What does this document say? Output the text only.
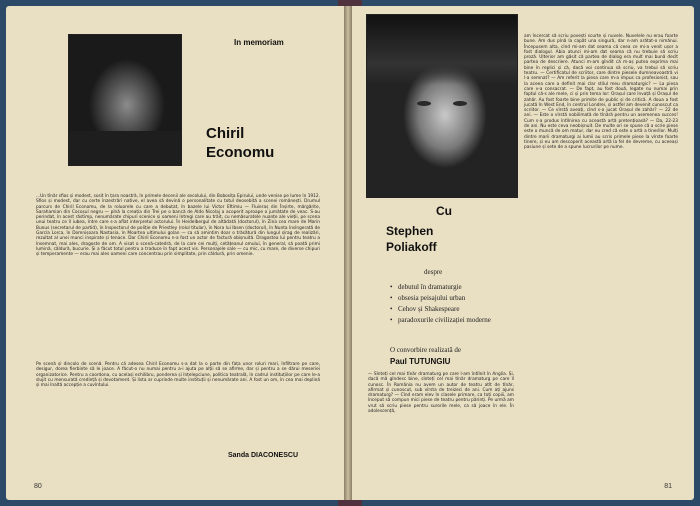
In memoriam
Chiril
Economu

...Un tînăr sfios și modest, sosit în țara noastră, în primele decenii ale secolului, din Bobosița Epirului, unde venise pe lume în 1912. Sfios și modest, dar cu certe înzestrări native, el avea să devină o personalitate cu totul deosebită a scenei românești. Drumul parcurs de Chiril Economu, de la roluorele cu care a debutat, în bazele lui Victor Eftimiu — Fluieraș din Înșirte, mărgărite, Sarahamian din Cocoșul negru — pînă la creația din Trei pe o bancă de Aldo Nicolaj a acoperit aproape o jumătate de veac. S-au perindat, în acest răstimp, nenumărate chipuri scenice și oameni întregi care au trăit, cu nemăsuratele nuanțe ale vieții, pe scena unui teatru ce îl iubea, între care s-a aflat interpretul actorului. În Heidelbergul de altădată (doctorul), în Zina cea mare de Marin Bunus (secretarul de partid), în Inspectorul de poliție de Priestley (rolul titular), în Nora lui Ibsen (doctorul), în Nunta însîngerată de García Lorca, în Domnișoara Nastasia, în Moartea ultimului golan — ca să amintim doar o trăsătură din lungul șirag de realizări, rezultat al unei munci inspirate și tenace. Dar Chiril Economu n-a fost un actor de factură obișnuită. Dragostea lui pentru teatru a însemnat, mai ales, dragoste de om. A visat o scenă-catedră, de la care cei mulți, cetățeanul omului, în general, să poată primi lumină, căldură, bucurie. Și a făcut totul pentru a traduce în fapt acest vis. Personajele sale — cu mic, cu mare, de diverse chipuri și temperamente — erau mai ales oameni care concentrau prin simplitate, prin căldură, prin omenie.

Pe scenă și dincolo de scenă. Pentru că adesea Chiril Economu s-a dat la o parte din fața unor roluri mari, înfiltrare pe care, desigur, dorea fierbinte să le joace. A făcut-o nu numai pentru a-i ajuta pe alții să se afirme, dar și pentru a se dărui meseriei organizatorice. Pentru a coordona, cu același echilibru, ponderea și înțelepciune, politica teatrală, în cadrul instituțiilor pe care le-a slujit cu mensurată credință și devotament. Și lista ar cuprinde multe instituții și nenumărate ani. A fost un om, în cea mai deplină și mai înaltă accepție a cuvîntului.

Sanda DIACONESCU
80
Cu
Stephen
Poliakoff
despre
• debutul în dramaturgie
• obsesia peisajului urban
• Cehov și Shakespeare
• paradoxurile civilizației moderne
O convorbire realizată de
Paul TUTUNGIU

— Sînteți cel mai tînăr dramaturg pe care l-am întîlnit în Anglia. Și, dacă mă gîndesc bine, sînteți cel mai tînăr dramaturg pe care îl cunosc. În România nu avem un autor de teatru atît de tînăr, afirmat și cunoscut, sub vîrsta de treizeci de ani. Cum ați ajuns dramaturg? — Cînd eram elev în clasele primare, ca toți copiii, am început să compun mici piese de teatru pentru părinți. Pe urmă am vrut să scriu piese pentru surorile mele, ca să joace în ele. În adolescență,

am încercat să scriu povești scurte și nuvele. Nuvelele nu erau foarte bune. Am dus pînă la capăt una singură, dar n-am arătat-o nimănui. Începusem alta, cînd mi-am dat seama că ceea ce mi-a venit ușor a fost dialogul. Abia atunci mi-am dat seama că nu trebuie să scriu proză. Ulterior am găsit că partea de dialog era mult mai bună decît partea de descriere. Atunci m-am gîndit că m-aș putea exprima mai bine în replici și că, dacă voi continua să scriu, va trebui să scriu teatru. — Certificatul de scriitor, care dintre piesele dumneavoastră vi l-a semnat? — Am referit la piesa care m-a impus ca profesionist, sau la aceea care a definit mai clar stilul meu dramaturgic? — La piesa care v-a consacrat. — De fapt, au fost două, legate nu numai prin faptul că-s ale mele, ci și prin tema lor: Orașul care învață și Orașul de zahăr. Au fost foarte bine primite de public și de critică. A doua a fost jucată în West End, în centrul Londrei, și astfel am devenit cunoscut ca scriitor. — Ce vîrstă aveați, cînd s-a jucat Orașul de zahăr? — 22 de ani. — Este o vîrstă nobilimată de tînără pentru un asemenea succes! Cum s-a produs întîlnirea cu această artă pretențioasă? — Da, 22-23 de ani. Nu este ceva neobișnuit. De multe ori se spune că a scrie piese este o muncă de om matur, dar eu cred că este o artă a tinerilor. Mulți dintre marii dramaturgi ai lumii au scris primele piese la vîrste foarte tinere, și eu am descoperit această artă la fel de devreme, cu aceeași pasiune și sete de a spune lucrurilor pe nume.

81
